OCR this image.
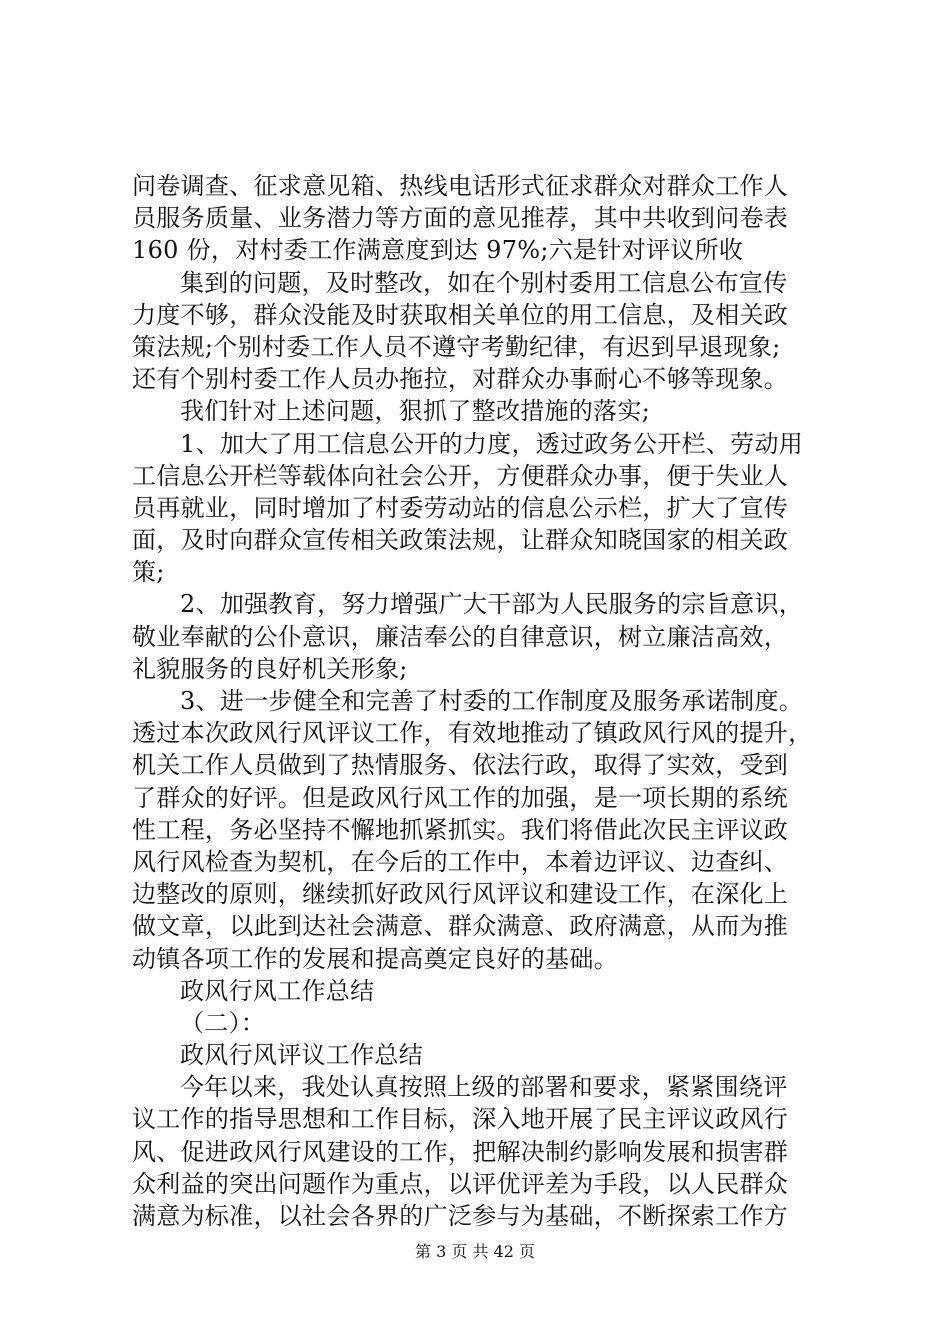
问卷调查、征求意见箱、热线电话形式征求群众对群众工作人
员服务质量、业务潜力等方面的意见推荐，其中共收到问卷表
160 份，对村委工作满意度到达 97%;六是针对评议所收
集到的问题，及时整改，如在个别村委用工信息公布宣传
力度不够，群众没能及时获取相关单位的用工信息，及相关政
策法规;个别村委工作人员不遵守考勤纪律，有迟到早退现象;
还有个别村委工作人员办拖拉，对群众办事耐心不够等现象。
我们针对上述问题，狠抓了整改措施的落实;
1、加大了用工信息公开的力度，透过政务公开栏、劳动用
工信息公开栏等载体向社会公开，方便群众办事，便于失业人
员再就业，同时增加了村委劳动站的信息公示栏，扩大了宣传
面，及时向群众宣传相关政策法规，让群众知晓国家的相关政
策;
2、加强教育，努力增强广大干部为人民服务的宗旨意识，
敬业奉献的公仆意识，廉洁奉公的自律意识，树立廉洁高效，
礼貌服务的良好机关形象;
3、进一步健全和完善了村委的工作制度及服务承诺制度。
透过本次政风行风评议工作，有效地推动了镇政风行风的提升，
机关工作人员做到了热情服务、依法行政，取得了实效，受到
了群众的好评。但是政风行风工作的加强，是一项长期的系统
性工程，务必坚持不懈地抓紧抓实。我们将借此次民主评议政
风行风检查为契机，在今后的工作中，本着边评议、边查纠、
边整改的原则，继续抓好政风行风评议和建设工作，在深化上
做文章，以此到达社会满意、群众满意、政府满意，从而为推
动镇各项工作的发展和提高奠定良好的基础。
政风行风工作总结
（二）：
政风行风评议工作总结
今年以来，我处认真按照上级的部署和要求，紧紧围绕评
议工作的指导思想和工作目标，深入地开展了民主评议政风行
风、促进政风行风建设的工作，把解决制约影响发展和损害群
众利益的突出问题作为重点，以评优评差为手段，以人民群众
满意为标准，以社会各界的广泛参与为基础，不断探索工作方
第 3 页 共 42 页
